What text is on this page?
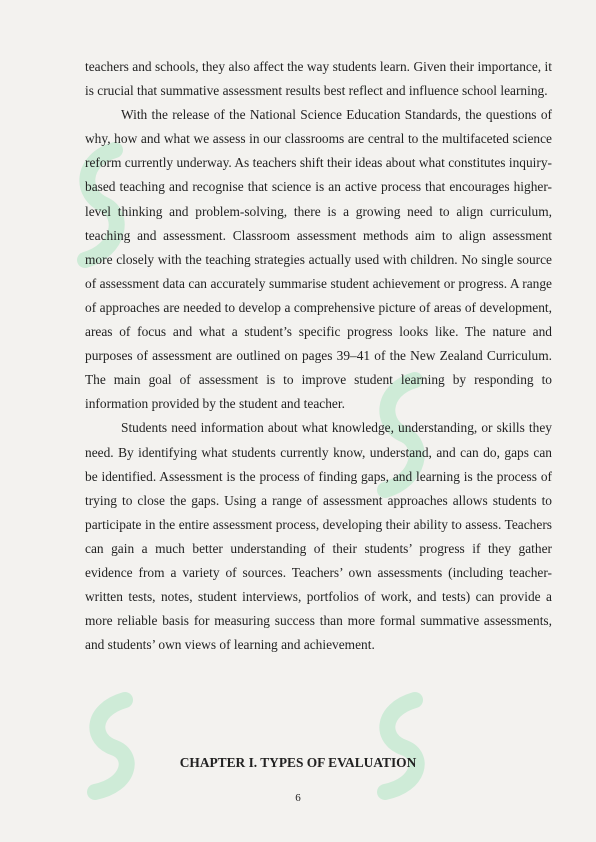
teachers and schools, they also affect the way students learn. Given their importance, it is crucial that summative assessment results best reflect and influence school learning.

With the release of the National Science Education Standards, the questions of why, how and what we assess in our classrooms are central to the multifaceted science reform currently underway. As teachers shift their ideas about what constitutes inquiry-based teaching and recognise that science is an active process that encourages higher-level thinking and problem-solving, there is a growing need to align curriculum, teaching and assessment. Classroom assessment methods aim to align assessment more closely with the teaching strategies actually used with children. No single source of assessment data can accurately summarise student achievement or progress. A range of approaches are needed to develop a comprehensive picture of areas of development, areas of focus and what a student’s specific progress looks like. The nature and purposes of assessment are outlined on pages 39–41 of the New Zealand Curriculum. The main goal of assessment is to improve student learning by responding to information provided by the student and teacher.

Students need information about what knowledge, understanding, or skills they need. By identifying what students currently know, understand, and can do, gaps can be identified. Assessment is the process of finding gaps, and learning is the process of trying to close the gaps. Using a range of assessment approaches allows students to participate in the entire assessment process, developing their ability to assess. Teachers can gain a much better understanding of their students’ progress if they gather evidence from a variety of sources. Teachers’ own assessments (including teacher-written tests, notes, student interviews, portfolios of work, and tests) can provide a more reliable basis for measuring success than more formal summative assessments, and students’ own views of learning and achievement.

CHAPTER I. TYPES OF EVALUATION
6
